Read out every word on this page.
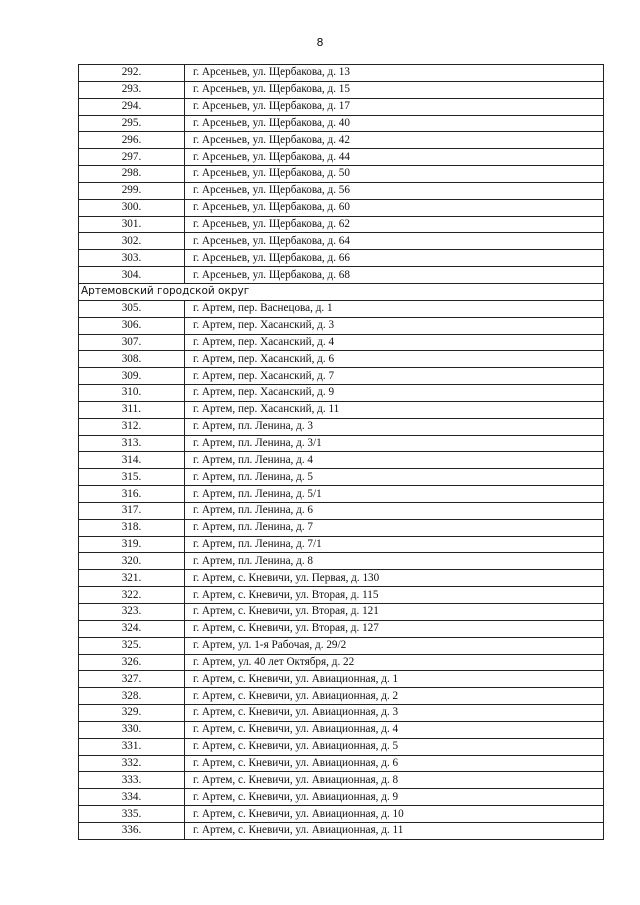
8
292.	г. Арсеньев, ул. Щербакова, д. 13
293.	г. Арсеньев, ул. Щербакова, д. 15
294.	г. Арсеньев, ул. Щербакова, д. 17
295.	г. Арсеньев, ул. Щербакова, д. 40
296.	г. Арсеньев, ул. Щербакова, д. 42
297.	г. Арсеньев, ул. Щербакова, д. 44
298.	г. Арсеньев, ул. Щербакова, д. 50
299.	г. Арсеньев, ул. Щербакова, д. 56
300.	г. Арсеньев, ул. Щербакова, д. 60
301.	г. Арсеньев, ул. Щербакова, д. 62
302.	г. Арсеньев, ул. Щербакова, д. 64
303.	г. Арсеньев, ул. Щербакова, д. 66
304.	г. Арсеньев, ул. Щербакова, д. 68
Артемовский городской округ	
305.	г. Артем, пер. Васнецова, д. 1
306.	г. Артем, пер. Хасанский, д. 3
307.	г. Артем, пер. Хасанский, д. 4
308.	г. Артем, пер. Хасанский, д. 6
309.	г. Артем, пер. Хасанский, д. 7
310.	г. Артем, пер. Хасанский, д. 9
311.	г. Артем, пер. Хасанский, д. 11
312.	г. Артем, пл. Ленина, д. 3
313.	г. Артем, пл. Ленина, д. 3/1
314.	г. Артем, пл. Ленина, д. 4
315.	г. Артем, пл. Ленина, д. 5
316.	г. Артем, пл. Ленина, д. 5/1
317.	г. Артем, пл. Ленина, д. 6
318.	г. Артем, пл. Ленина, д. 7
319.	г. Артем, пл. Ленина, д. 7/1
320.	г. Артем, пл. Ленина, д. 8
321.	г. Артем, с. Кневичи, ул. Первая, д. 130
322.	г. Артем, с. Кневичи, ул. Вторая, д. 115
323.	г. Артем, с. Кневичи, ул. Вторая, д. 121
324.	г. Артем, с. Кневичи, ул. Вторая, д. 127
325.	г. Артем, ул. 1-я Рабочая, д. 29/2
326.	г. Артем, ул. 40 лет Октября, д. 22
327.	г. Артем, с. Кневичи, ул. Авиационная, д. 1
328.	г. Артем, с. Кневичи, ул. Авиационная, д. 2
329.	г. Артем, с. Кневичи, ул. Авиационная, д. 3
330.	г. Артем, с. Кневичи, ул. Авиационная, д. 4
331.	г. Артем, с. Кневичи, ул. Авиационная, д. 5
332.	г. Артем, с. Кневичи, ул. Авиационная, д. 6
333.	г. Артем, с. Кневичи, ул. Авиационная, д. 8
334.	г. Артем, с. Кневичи, ул. Авиационная, д. 9
335.	г. Артем, с. Кневичи, ул. Авиационная, д. 10
336.	г. Артем, с. Кневичи, ул. Авиационная, д. 11
